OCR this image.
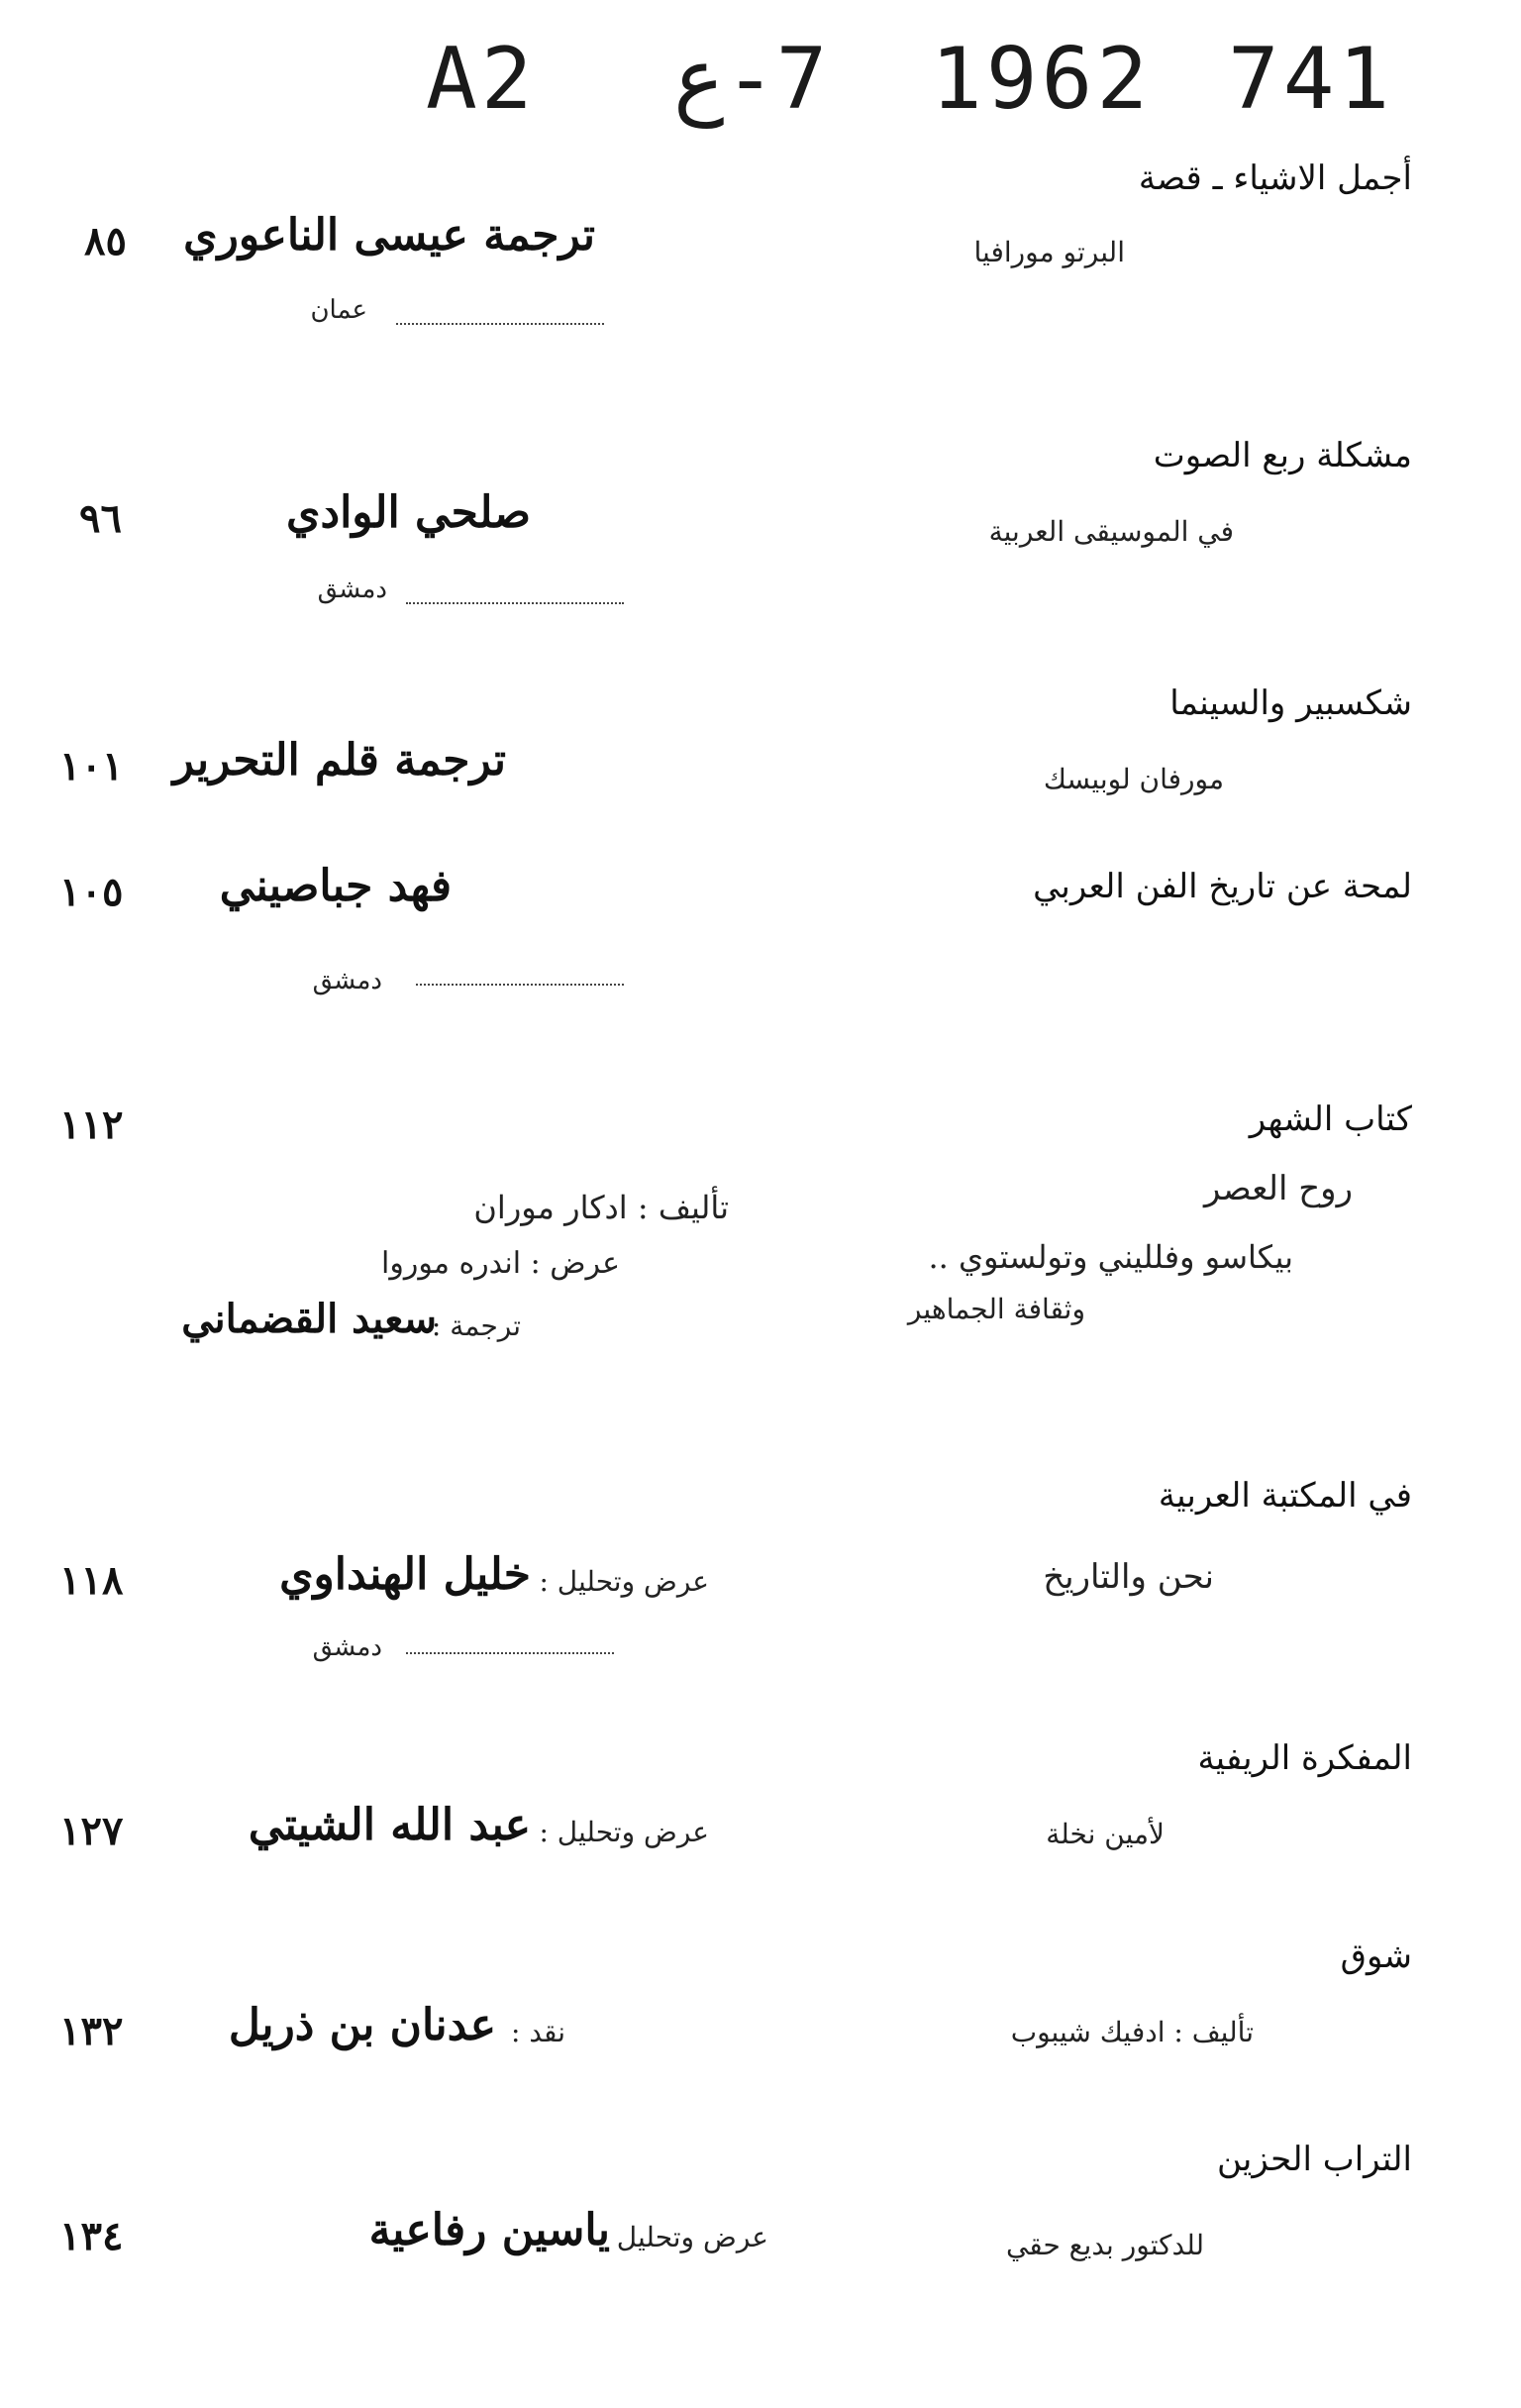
A2 7-ع 1962 741
أجمل الاشياء ـ قصة
البرتو مورافيا
ترجمة عيسى الناعوري
٨٥
عمان
مشكلة ربع الصوت
في الموسيقى العربية
صلحي الوادي
٩٦
دمشق
شكسبير والسينما
مورفان لوبيسك
ترجمة قلم التحرير
١٠١
لمحة عن تاريخ الفن العربي
فهد جباصيني
١٠٥
دمشق
كتاب الشهر
١١٢
روح العصر
بيكاسو وفلليني وتولستوي ..
وثقافة الجماهير
تأليف : ادكار موران
عرض : اندره موروا
ترجمة :
سعيد القضماني
في المكتبة العربية
نحن والتاريخ
عرض وتحليل :
خليل الهنداوي
١١٨
دمشق
المفكرة الريفية
لأمين نخلة
عرض وتحليل :
عبد الله الشيتي
١٢٧
شوق
تأليف : ادفيك شيبوب
نقد :
عدنان بن ذريل
١٣٢
التراب الحزين
للدكتور بديع حقي
عرض وتحليل
ياسين رفاعية
١٣٤
